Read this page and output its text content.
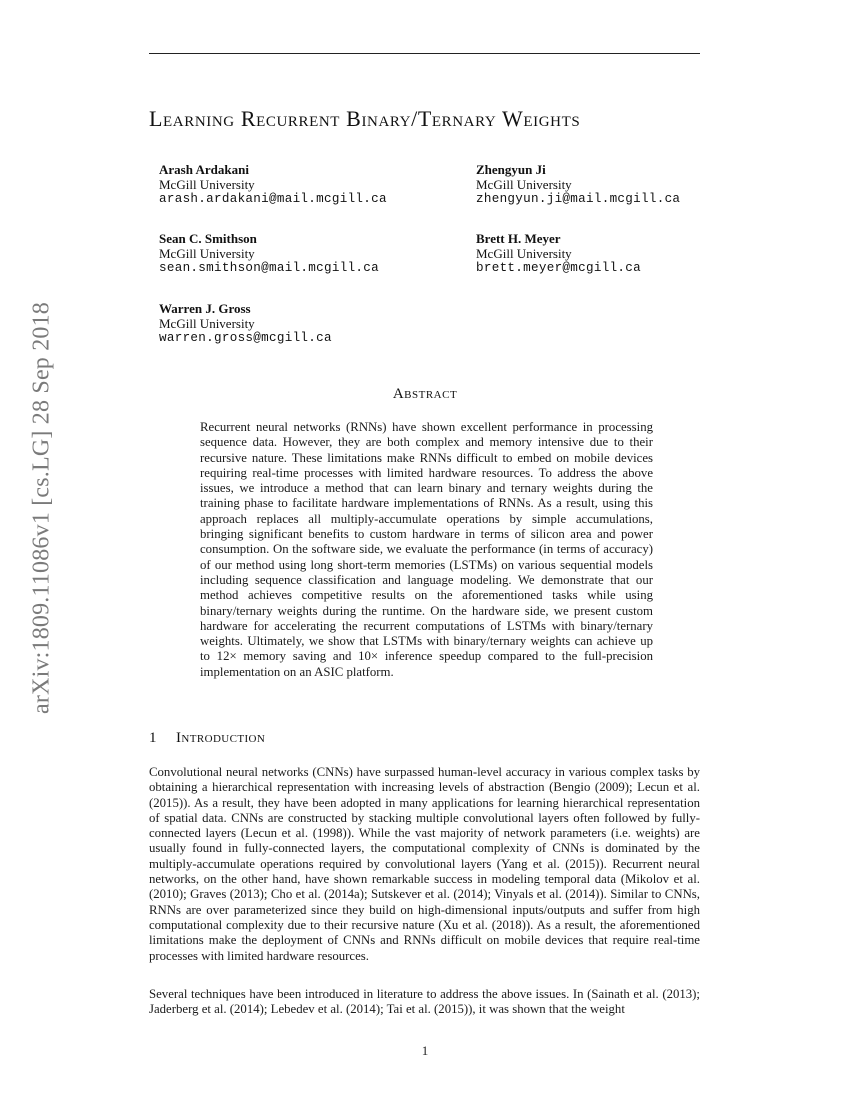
arXiv:1809.11086v1 [cs.LG] 28 Sep 2018
Learning Recurrent Binary/Ternary Weights
Arash Ardakani
McGill University
arash.ardakani@mail.mcgill.ca
Zhengyun Ji
McGill University
zhengyun.ji@mail.mcgill.ca
Sean C. Smithson
McGill University
sean.smithson@mail.mcgill.ca
Brett H. Meyer
McGill University
brett.meyer@mcgill.ca
Warren J. Gross
McGill University
warren.gross@mcgill.ca
Abstract

Recurrent neural networks (RNNs) have shown excellent performance in processing sequence data. However, they are both complex and memory intensive due to their recursive nature. These limitations make RNNs difficult to embed on mobile devices requiring real-time processes with limited hardware resources. To address the above issues, we introduce a method that can learn binary and ternary weights during the training phase to facilitate hardware implementations of RNNs. As a result, using this approach replaces all multiply-accumulate operations by simple accumulations, bringing significant benefits to custom hardware in terms of silicon area and power consumption. On the software side, we evaluate the performance (in terms of accuracy) of our method using long short-term memories (LSTMs) on various sequential models including sequence classification and language modeling. We demonstrate that our method achieves competitive results on the aforementioned tasks while using binary/ternary weights during the runtime. On the hardware side, we present custom hardware for accelerating the recurrent computations of LSTMs with binary/ternary weights. Ultimately, we show that LSTMs with binary/ternary weights can achieve up to 12× memory saving and 10× inference speedup compared to the full-precision implementation on an ASIC platform.

1 Introduction

Convolutional neural networks (CNNs) have surpassed human-level accuracy in various complex tasks by obtaining a hierarchical representation with increasing levels of abstraction (Bengio (2009); Lecun et al. (2015)). As a result, they have been adopted in many applications for learning hierarchical representation of spatial data. CNNs are constructed by stacking multiple convolutional layers often followed by fully-connected layers (Lecun et al. (1998)). While the vast majority of network parameters (i.e. weights) are usually found in fully-connected layers, the computational complexity of CNNs is dominated by the multiply-accumulate operations required by convolutional layers (Yang et al. (2015)). Recurrent neural networks, on the other hand, have shown remarkable success in modeling temporal data (Mikolov et al. (2010); Graves (2013); Cho et al. (2014a); Sutskever et al. (2014); Vinyals et al. (2014)). Similar to CNNs, RNNs are over parameterized since they build on high-dimensional inputs/outputs and suffer from high computational complexity due to their recursive nature (Xu et al. (2018)). As a result, the aforementioned limitations make the deployment of CNNs and RNNs difficult on mobile devices that require real-time processes with limited hardware resources.

Several techniques have been introduced in literature to address the above issues. In (Sainath et al. (2013); Jaderberg et al. (2014); Lebedev et al. (2014); Tai et al. (2015)), it was shown that the weight

1
